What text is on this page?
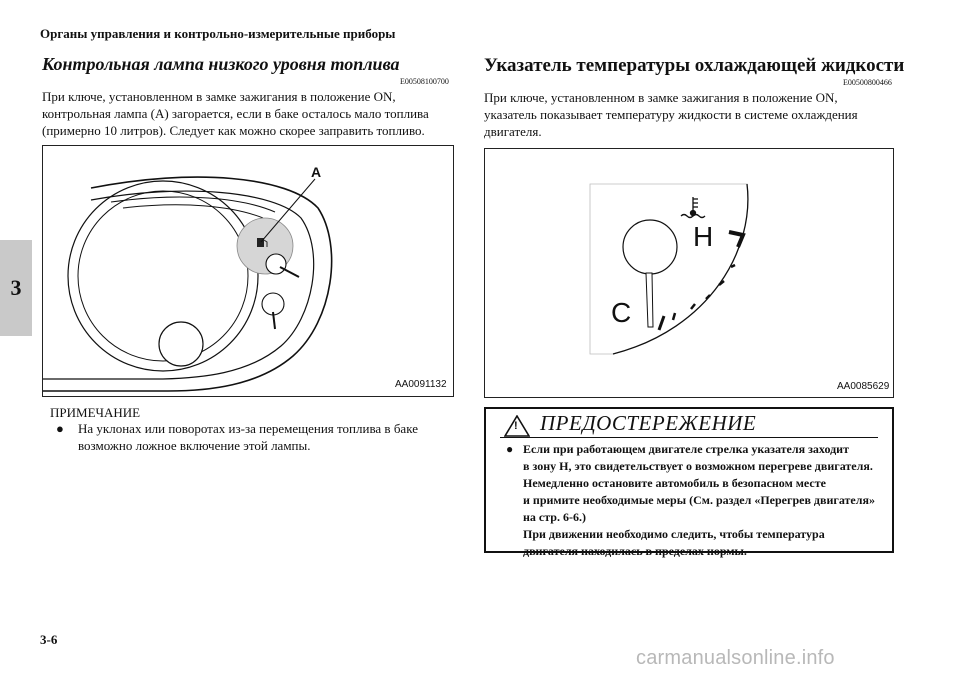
Органы управления и контрольно-измерительные приборы
3
Контрольная лампа низкого уровня топлива
E00508100700
При ключе, установленном в замке зажигания в положение ON,
контрольная лампа (А) загорается, если в баке осталось мало топлива
(примерно 10 литров). Следует как можно скорее заправить топливо.
A
AA0091132
ПРИМЕЧАНИЕ
● На уклонах или поворотах из-за перемещения топлива в баке
возможно ложное включение этой лампы.
Указатель температуры охлаждающей жидкости
E00500800466
При ключе, установленном в замке зажигания в положение ON,
указатель показывает температуру жидкости в системе охлаждения
двигателя.
H
C
AA0085629
! ПРЕДОСТЕРЕЖЕНИЕ
● Если при работающем двигателе стрелка указателя заходит
в зону H, это свидетельствует о возможном перегреве двигателя.
Немедленно остановите автомобиль в безопасном месте
и примите необходимые меры (См. раздел «Перегрев двигателя»
на стр. 6-6.)
При движении необходимо следить, чтобы температура
двигателя находилась в пределах нормы.
3-6
carmanualsonline.info
